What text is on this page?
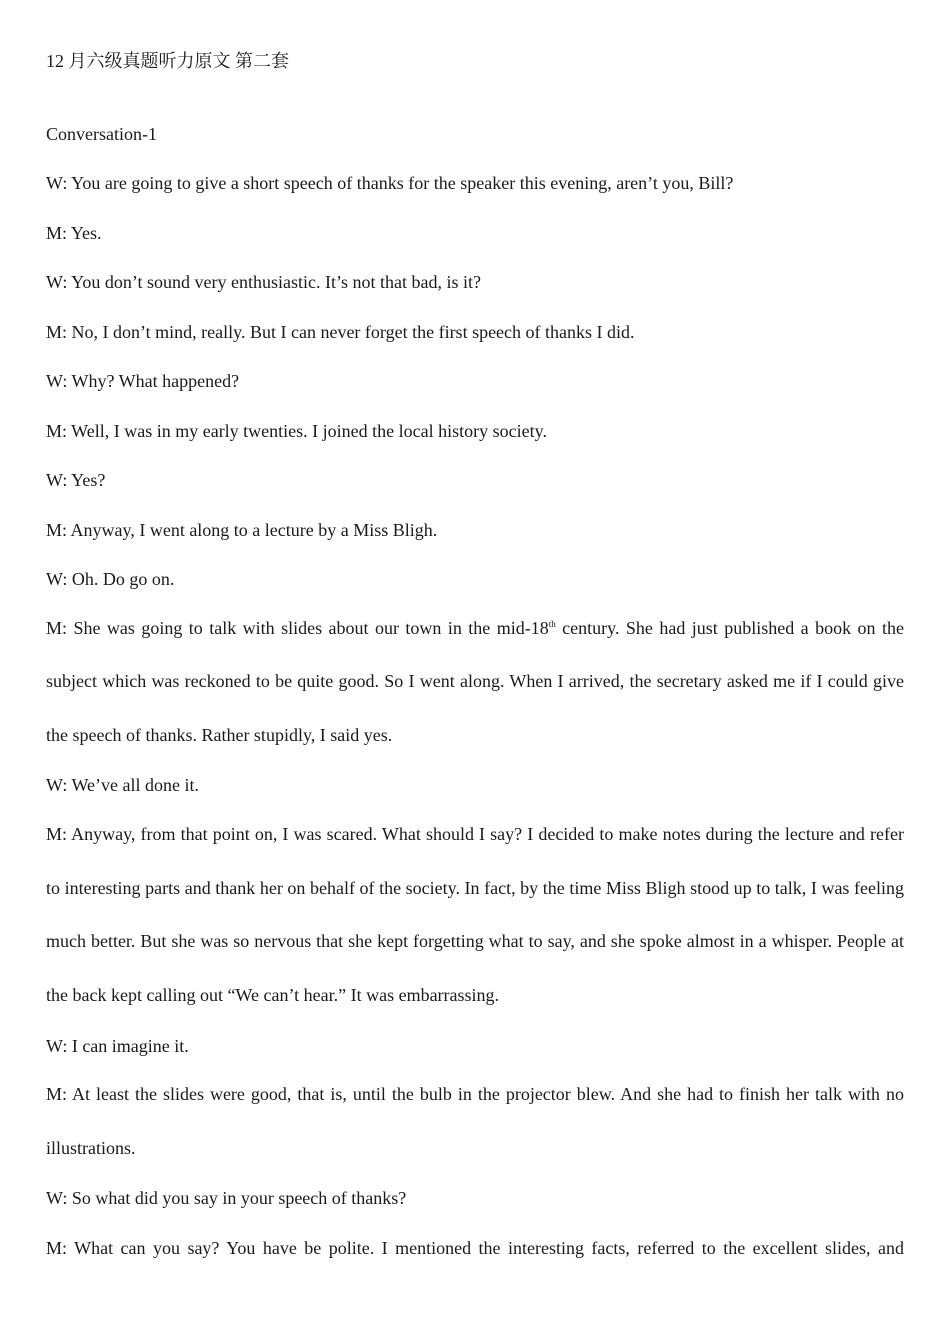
12 月六级真题听力原文 第二套
Conversation-1

W: You are going to give a short speech of thanks for the speaker this evening, aren’t you, Bill?

M: Yes.

W: You don’t sound very enthusiastic. It’s not that bad, is it?

M: No, I don’t mind, really. But I can never forget the first speech of thanks I did.

W: Why? What happened?

M: Well, I was in my early twenties. I joined the local history society.

W: Yes?

M: Anyway, I went along to a lecture by a Miss Bligh.

W: Oh. Do go on.

M: She was going to talk with slides about our town in the mid-18th century. She had just published a book on the subject which was reckoned to be quite good. So I went along. When I arrived, the secretary asked me if I could give the speech of thanks. Rather stupidly, I said yes.

W: We’ve all done it.

M: Anyway, from that point on, I was scared. What should I say? I decided to make notes during the lecture and refer to interesting parts and thank her on behalf of the society. In fact, by the time Miss Bligh stood up to talk, I was feeling much better. But she was so nervous that she kept forgetting what to say, and she spoke almost in a whisper. People at the back kept calling out “We can’t hear.” It was embarrassing.

W: I can imagine it.

M: At least the slides were good, that is, until the bulb in the projector blew. And she had to finish her talk with no illustrations.

W: So what did you say in your speech of thanks?

M: What can you say? You have be polite. I mentioned the interesting facts, referred to the excellent slides, and
